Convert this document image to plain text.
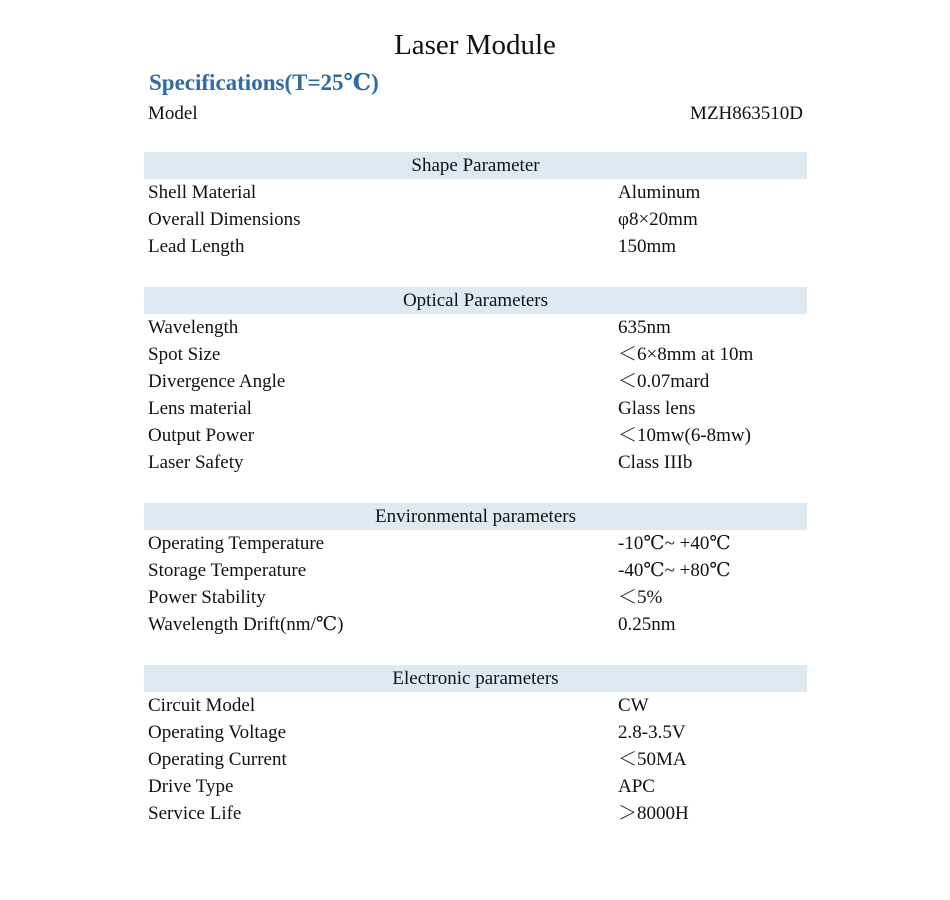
Laser Module
Specifications(T=25℃)
Model	MZH863510D
Shape Parameter
Shell Material	Aluminum
Overall Dimensions	φ8×20mm
Lead Length	150mm
Optical Parameters
Wavelength	635nm
Spot Size	＜6×8mm at 10m
Divergence Angle	＜0.07mard
Lens material	Glass lens
Output Power	＜10mw(6-8mw)
Laser Safety	Class IIIb
Environmental parameters
Operating Temperature	-10℃~ +40℃
Storage Temperature	-40℃~ +80℃
Power Stability	＜5%
Wavelength Drift(nm/℃)	0.25nm
Electronic parameters
Circuit Model	CW
Operating Voltage	2.8-3.5V
Operating Current	＜50MA
Drive Type	APC
Service Life	＞8000H
